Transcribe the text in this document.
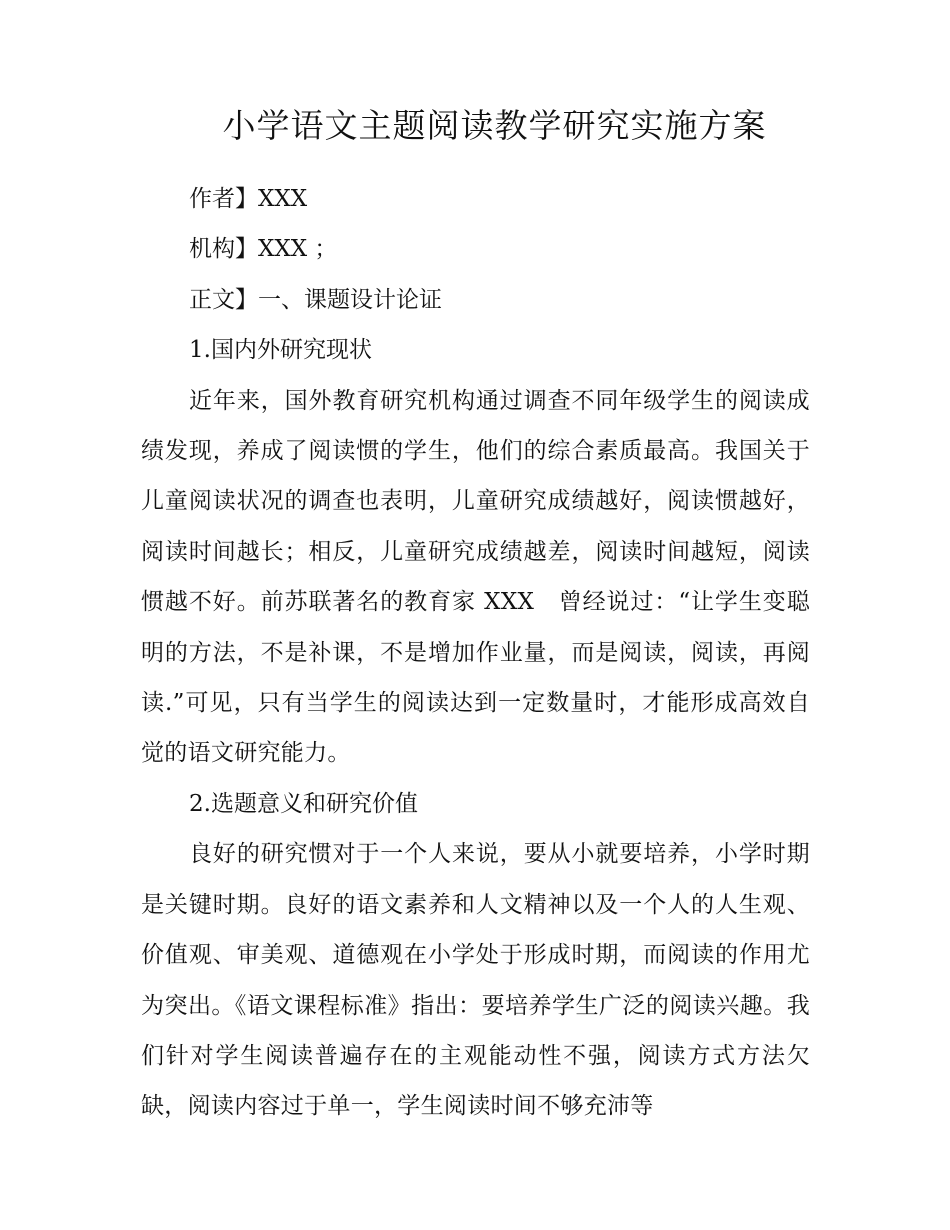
小学语文主题阅读教学研究实施方案

作者】XXX

机构】XXX ；

正文】一、课题设计论证

1.国内外研究现状

近年来，国外教育研究机构通过调查不同年级学生的阅读成绩发现，养成了阅读惯的学生，他们的综合素质最高。我国关于儿童阅读状况的调查也表明，儿童研究成绩越好，阅读惯越好，阅读时间越长；相反，儿童研究成绩越差，阅读时间越短，阅读惯越不好。前苏联著名的教育家 XXX　曾经说过：“让学生变聪明的方法，不是补课，不是增加作业量，而是阅读，阅读，再阅读.”可见，只有当学生的阅读达到一定数量时，才能形成高效自觉的语文研究能力。

2.选题意义和研究价值

良好的研究惯对于一个人来说，要从小就要培养，小学时期是关键时期。良好的语文素养和人文精神以及一个人的人生观、价值观、审美观、道德观在小学处于形成时期，而阅读的作用尤为突出。《语文课程标准》指出：要培养学生广泛的阅读兴趣。我们针对学生阅读普遍存在的主观能动性不强，阅读方式方法欠缺，阅读内容过于单一，学生阅读时间不够充沛等
